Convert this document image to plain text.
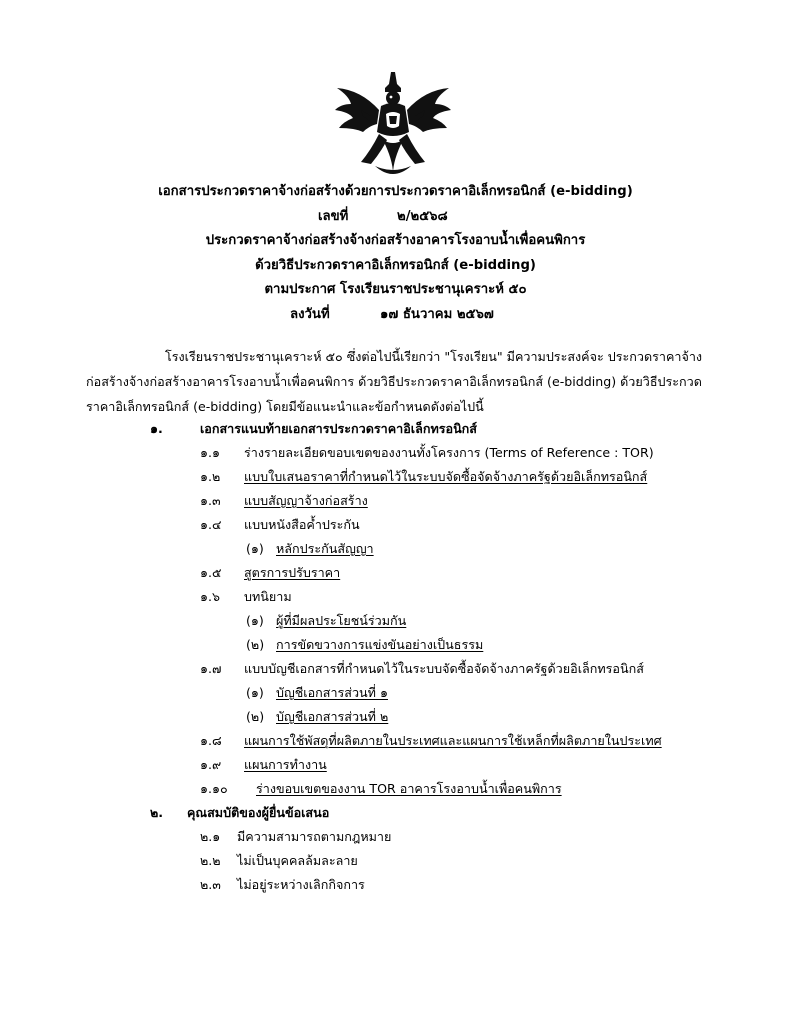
เอกสารประกวดราคาจ้างก่อสร้างด้วยการประกวดราคาอิเล็กทรอนิกส์ (e-bidding)
เลขที่	๒/๒๕๖๘
ประกวดราคาจ้างก่อสร้างจ้างก่อสร้างอาคารโรงอาบน้ำเพื่อคนพิการ
ด้วยวิธีประกวดราคาอิเล็กทรอนิกส์ (e-bidding)
ตามประกาศ โรงเรียนราชประชานุเคราะห์ ๕๐
ลงวันที่	๑๗ ธันวาคม ๒๕๖๗
โรงเรียนราชประชานุเคราะห์ ๕๐ ซึ่งต่อไปนี้เรียกว่า "โรงเรียน" มีความประสงค์จะ ประกวดราคาจ้าง
ก่อสร้างจ้างก่อสร้างอาคารโรงอาบน้ำเพื่อคนพิการ ด้วยวิธีประกวดราคาอิเล็กทรอนิกส์ (e-bidding) ด้วยวิธีประกวด
ราคาอิเล็กทรอนิกส์ (e-bidding) โดยมีข้อแนะนำและข้อกำหนดดังต่อไปนี้
๑.	เอกสารแนบท้ายเอกสารประกวดราคาอิเล็กทรอนิกส์
๑.๑ ร่างรายละเอียดขอบเขตของงานทั้งโครงการ (Terms of Reference : TOR)
๑.๒ แบบใบเสนอราคาที่กำหนดไว้ในระบบจัดซื้อจัดจ้างภาครัฐด้วยอิเล็กทรอนิกส์
๑.๓ แบบสัญญาจ้างก่อสร้าง
๑.๔ แบบหนังสือค้ำประกัน
(๑) หลักประกันสัญญา
๑.๕ สูตรการปรับราคา
๑.๖ บทนิยาม
(๑) ผู้ที่มีผลประโยชน์ร่วมกัน
(๒) การขัดขวางการแข่งขันอย่างเป็นธรรม
๑.๗ แบบบัญชีเอกสารที่กำหนดไว้ในระบบจัดซื้อจัดจ้างภาครัฐด้วยอิเล็กทรอนิกส์
(๑) บัญชีเอกสารส่วนที่ ๑
(๒) บัญชีเอกสารส่วนที่ ๒
๑.๘ แผนการใช้พัสดุที่ผลิตภายในประเทศและแผนการใช้เหล็กที่ผลิตภายในประเทศ
๑.๙ แผนการทำงาน
๑.๑๐ ร่างขอบเขตของงาน TOR อาคารโรงอาบน้ำเพื่อคนพิการ
๒. คุณสมบัติของผู้ยื่นข้อเสนอ
๒.๑ มีความสามารถตามกฎหมาย
๒.๒ ไม่เป็นบุคคลล้มละลาย
๒.๓ ไม่อยู่ระหว่างเลิกกิจการ
